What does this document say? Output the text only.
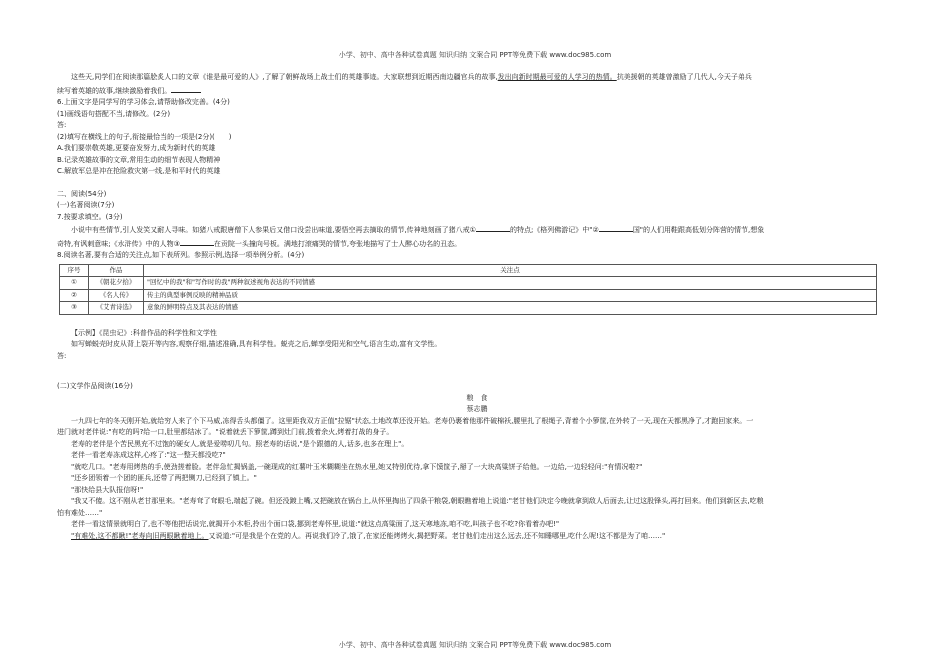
小学、初中、高中各种试卷真题 知识归纳 文案合同 PPT等免费下载 www.doc985.com

这些天,同学们在阅读那篇脍炙人口的文章《谁是最可爱的人》,了解了朝鲜战场上战士们的英雄事迹。大家联想到近期西南边疆官兵的故事,发出向新时期最可爱的人学习的热情。抗美援朝的英雄曾激励了几代人,今天子弟兵

续写着英雄的故事,继续激励着我们。

6.上面文字是同学写的学习体会,请帮助修改完善。(4分)

(1)画线语句搭配不当,请修改。(2分)

答:

(2)填写在横线上的句子,衔接最恰当的一项是(2分)(　　)

A.我们要崇敬英雄,更要奋发努力,成为新时代的英雄

B.记录英雄故事的文章,常用生动的细节表现人物精神

C.解放军总是冲在抢险救灾第一线,是和平时代的英雄

二、阅读(54分)

(一)名著阅读(7分)

7.按要求填空。(3分)

小说中有些情节,引人发笑又耐人寻味。如猪八戒跟唐僧下人参果后又借口没尝出味道,要悟空再去摘取的情节,传神地刻画了猪八戒①	的特点;《格列佛游记》中"②	国"的人们用鞋跟高低划分阵营的情节,想象

奇特,有讽刺意味;《水浒传》中的人物③	在贡院一头撞向号板。满地打滚痛哭的情节,夸张地描写了士人醉心功名的丑态。

8.阅读名著,要有合适的关注点,如下表所列。参照示例,选择一项举例分析。(4分)

序号	作品	关注点
①	《朝花夕拾》	"回忆中的我"和"写作时的我"两种叙述视角表达的不同情感
②	《名人传》	传主的典型事例反映的精神品质
③	《艾青诗选》	意象的鲜明特点及其表达的情感

【示例】《昆虫记》:科普作品的科学性和文学性

如写蝉蜕壳时皮从背上裂开等内容,观察仔细,描述准确,具有科学性。蜕壳之后,蝉享受阳光和空气,语言生动,富有文学性。

答:

(二)文学作品阅读(16分)

粮　食

蔡志鹏

一九四七年的冬天刚开始,就给穷人来了个下马威,冻得舌头都僵了。这里距我双方正值"拉锯"状态,土地改革还没开始。老寿仍裹着他那件破棉袄,腰里扎了根绳子,背着个小箩筐,在外转了一天,现在天都黑净了,才跑回家来。一

进门就对老伴说:"有吃的吗?给一口,肚里都结冰了。"说着就丢下箩筐,蹲到灶门前,拨着余火,烤着打战的身子。

老寿的老伴是个苦民黑充不过饱的硬女人,就是爱唠叨几句。照老寿的话说,"是个跟德的人,话多,也多在理上"。

老伴一看老寿冻成这样,心疼了:"这一整天都没吃?"

"就吃几口。"老寿用烤热的手,使劲搓着脸。老伴急忙揭锅盖,一碗现成的红薯叶玉米糊糊坐在热水里,她又特别优待,拿下馍筐子,掰了一大块高粱饼子给他。一边给,一边轻轻问:"有情况啦?"

"还乡团领着一个团的匪兵,还带了两把铡刀,已经到了镇上。"

"那快给县大队报信呀!"

"我又不傻。这不刚从老甘那里来。"老寿耷了耷眼毛,端起了碗。但还没踱上嘴,又把碗放在锅台上,从怀里掏出了四条干粮袋,朝眼瞧着地上说道:"老甘他们决定今晚就拿到敌人后面去,让过这股锋头,再打回来。他们到新区去,吃粮

怕有难处……"

老伴一看这情景就明白了,也不等他把话说完,就揭开小木柜,拎出个面口袋,挪到老寿怀里,说道:"就这点高粱面了,这天寒地冻,咱不吃,叫孩子也不吃?你看着办吧!"

"有难处,这不都瞅!"老寿向旧两眼瞅着地上。又说道:"可是我是个在党的人。再说我们冷了,饿了,在家还能烤烤火,揭把野菜。老甘他们走出这么远去,还不知睡哪里,吃什么呢!这不都是为了咱……"

小学、初中、高中各种试卷真题 知识归纳 文案合同 PPT等免费下载 www.doc985.com
